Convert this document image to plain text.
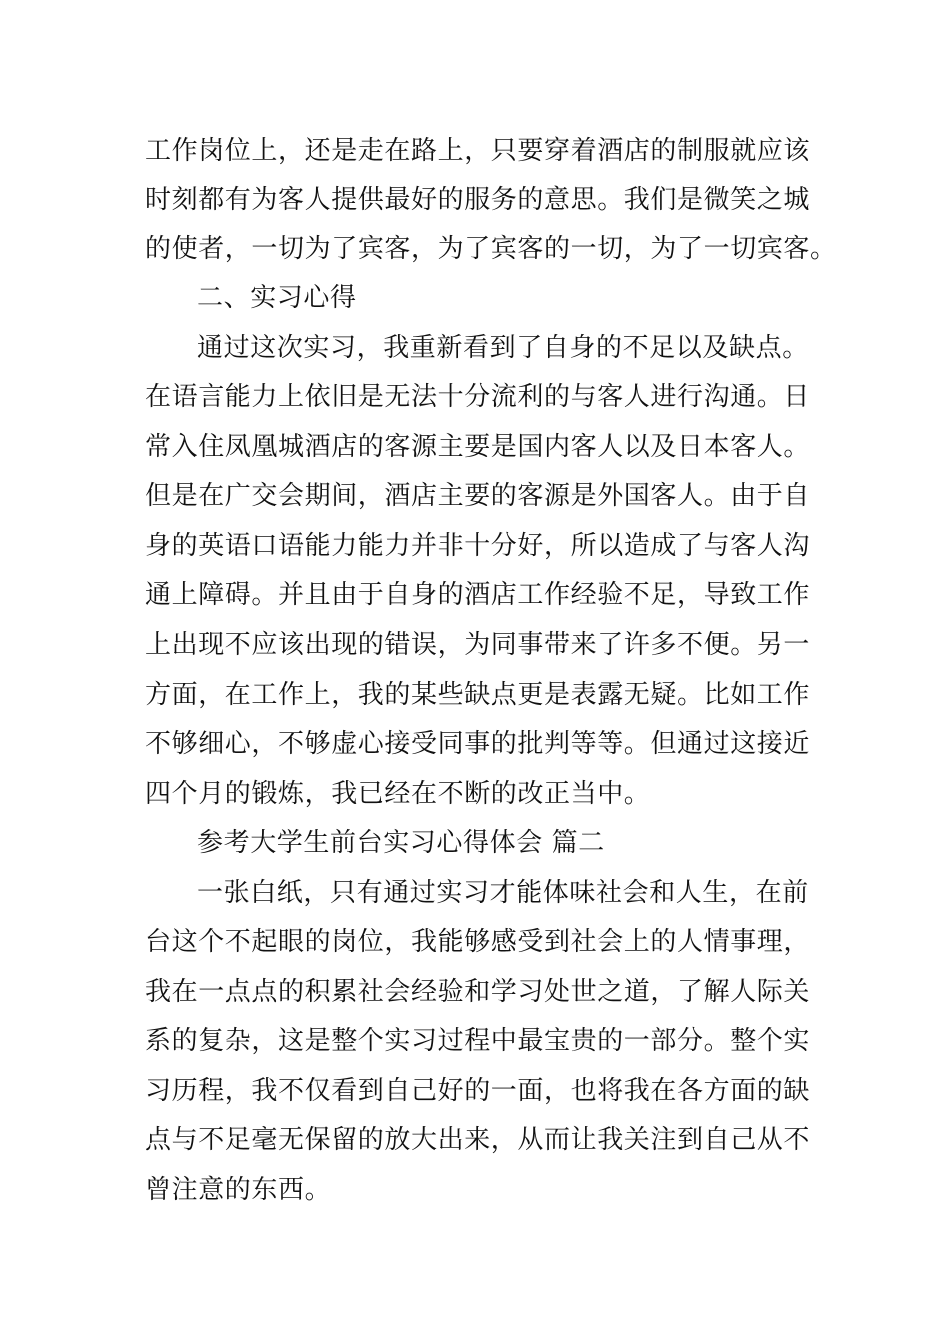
工作岗位上，还是走在路上，只要穿着酒店的制服就应该
时刻都有为客人提供最好的服务的意思。我们是微笑之城
的使者，一切为了宾客，为了宾客的一切，为了一切宾客。
二、实习心得
通过这次实习，我重新看到了自身的不足以及缺点。
在语言能力上依旧是无法十分流利的与客人进行沟通。日
常入住凤凰城酒店的客源主要是国内客人以及日本客人。
但是在广交会期间，酒店主要的客源是外国客人。由于自
身的英语口语能力能力并非十分好，所以造成了与客人沟
通上障碍。并且由于自身的酒店工作经验不足，导致工作
上出现不应该出现的错误，为同事带来了许多不便。另一
方面，在工作上，我的某些缺点更是表露无疑。比如工作
不够细心，不够虚心接受同事的批判等等。但通过这接近
四个月的锻炼，我已经在不断的改正当中。
参考大学生前台实习心得体会 篇二
一张白纸，只有通过实习才能体味社会和人生，在前
台这个不起眼的岗位，我能够感受到社会上的人情事理，
我在一点点的积累社会经验和学习处世之道，了解人际关
系的复杂，这是整个实习过程中最宝贵的一部分。整个实
习历程，我不仅看到自己好的一面，也将我在各方面的缺
点与不足毫无保留的放大出来，从而让我关注到自己从不
曾注意的东西。
